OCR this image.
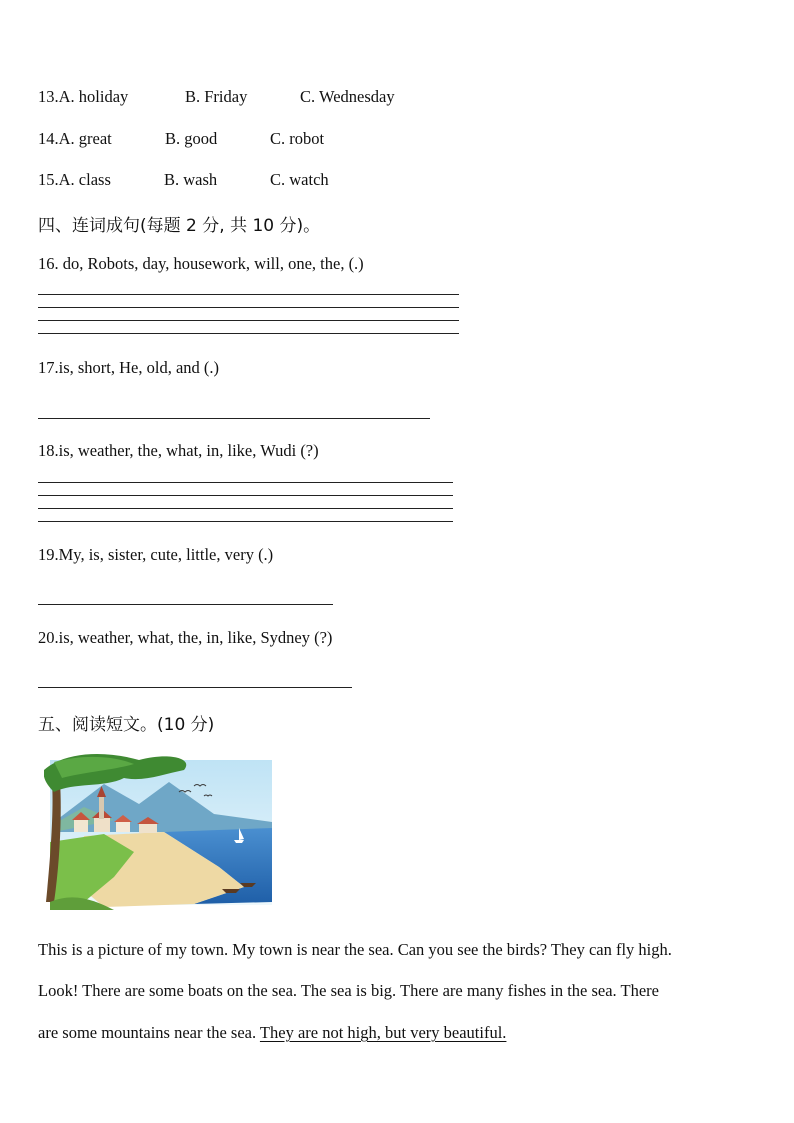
13.A. holiday	B. Friday	C. Wednesday
14.A. great	B. good	C. robot
15.A. class	B. wash	C. watch
四、连词成句(每题 2 分, 共 10 分)。
16. do, Robots, day, housework, will, one, the, (.)
17.is, short, He, old, and (.)
18.is, weather, the, what, in, like, Wudi (?)
19.My, is, sister, cute, little, very (.)
20.is, weather, what, the, in, like, Sydney (?)
五、阅读短文。(10 分)
This is a picture of my town. My town is near the sea. Can you see the birds? They can fly high.
Look! There are some boats on the sea. The sea is big. There are many fishes in the sea. There
are some mountains near the sea. They are not high, but very beautiful.
